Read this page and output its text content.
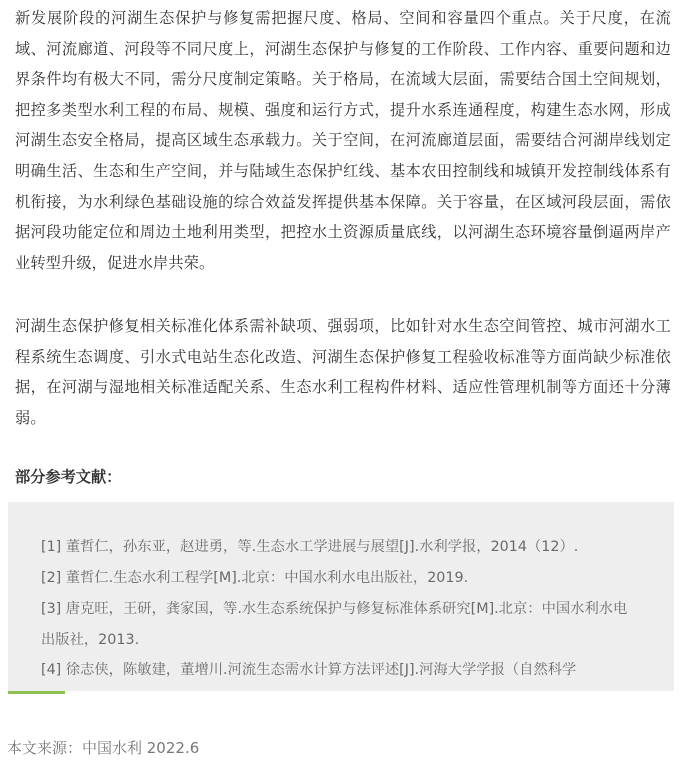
新发展阶段的河湖生态保护与修复需把握尺度、格局、空间和容量四个重点。关于尺度，在流域、河流廊道、河段等不同尺度上，河湖生态保护与修复的工作阶段、工作内容、重要问题和边界条件均有极大不同，需分尺度制定策略。关于格局，在流域大层面，需要结合国土空间规划，把控多类型水利工程的布局、规模、强度和运行方式，提升水系连通程度，构建生态水网，形成河湖生态安全格局，提高区域生态承载力。关于空间，在河流廊道层面，需要结合河湖岸线划定明确生活、生态和生产空间，并与陆域生态保护红线、基本农田控制线和城镇开发控制线体系有机衔接，为水利绿色基础设施的综合效益发挥提供基本保障。关于容量，在区域河段层面，需依据河段功能定位和周边土地利用类型，把控水土资源质量底线，以河湖生态环境容量倒逼两岸产业转型升级，促进水岸共荣。

河湖生态保护修复相关标准化体系需补缺项、强弱项，比如针对水生态空间管控、城市河湖水工程系统生态调度、引水式电站生态化改造、河湖生态保护修复工程验收标准等方面尚缺少标准依据，在河湖与湿地相关标准适配关系、生态水利工程构件材料、适应性管理机制等方面还十分薄弱。

部分参考文献：

[1] 董哲仁，孙东亚，赵进勇，等.生态水工学进展与展望[J].水利学报，2014（12）.

[2] 董哲仁.生态水利工程学[M].北京：中国水利水电出版社，2019.

[3] 唐克旺，王研，龚家国，等.水生态系统保护与修复标准体系研究[M].北京：中国水利水电出版社，2013.

[4] 徐志侠，陈敏建，董增川.河流生态需水计算方法评述[J].河海大学学报（自然科学

本文来源：中国水利 2022.6
